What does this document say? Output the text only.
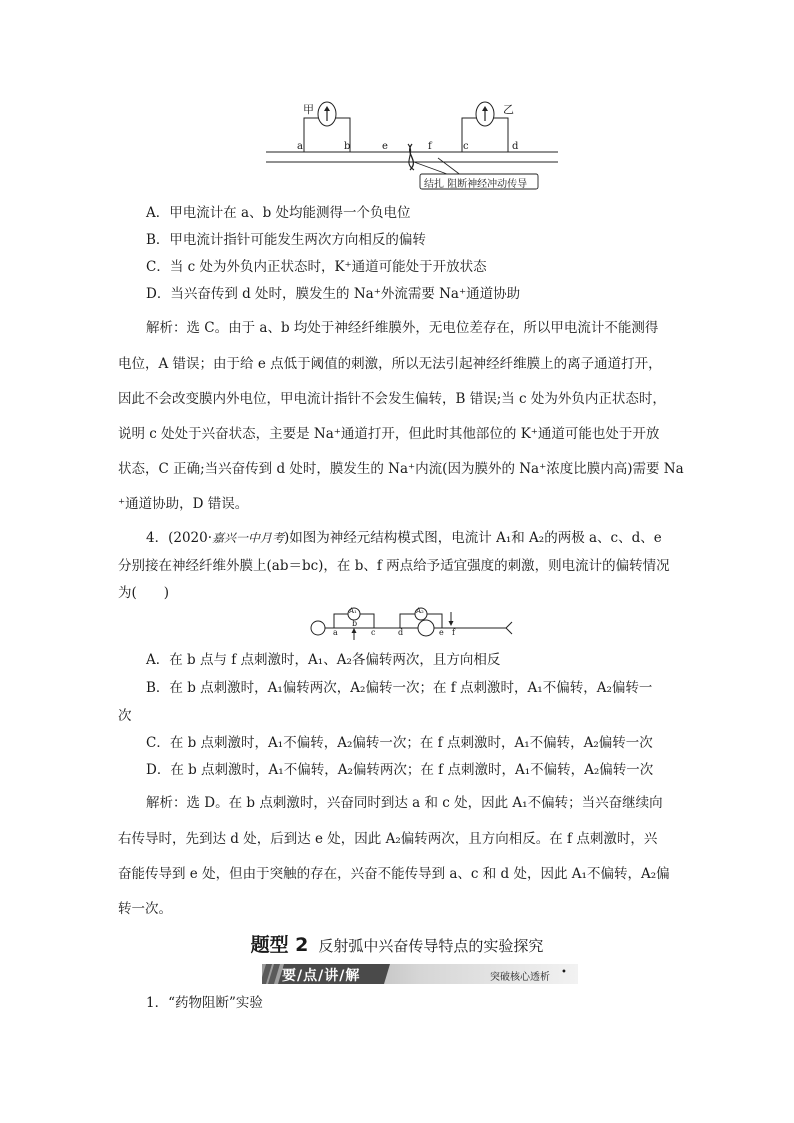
甲	乙
a	b	e	f	c	d
结扎 阻断神经冲动传导
A．甲电流计在 a、b 处均能测得一个负电位
B．甲电流计指针可能发生两次方向相反的偏转
C．当 c 处为外负内正状态时，K⁺通道可能处于开放状态
D．当兴奋传到 d 处时，膜发生的 Na⁺外流需要 Na⁺通道协助
解析：选 C。由于 a、b 均处于神经纤维膜外，无电位差存在，所以甲电流计不能测得
电位，A 错误；由于给 e 点低于阈值的刺激，所以无法引起神经纤维膜上的离子通道打开，
因此不会改变膜内外电位，甲电流计指针不会发生偏转，B 错误;当 c 处为外负内正状态时，
说明 c 处处于兴奋状态，主要是 Na⁺通道打开，但此时其他部位的 K⁺通道可能也处于开放
状态，C 正确;当兴奋传到 d 处时，膜发生的 Na⁺内流(因为膜外的 Na⁺浓度比膜内高)需要 Na
⁺通道协助，D 错误。
4．(2020·嘉兴一中月考)如图为神经元结构模式图，电流计 A₁和 A₂的两极 a、c、d、e
分别接在神经纤维外膜上(ab＝bc)，在 b、f 两点给予适宜强度的刺激，则电流计的偏转情况
为(　　)
A₁	A₂
a
b
c	d	e f
A．在 b 点与 f 点刺激时，A₁、A₂各偏转两次，且方向相反
B．在 b 点刺激时，A₁偏转两次，A₂偏转一次；在 f 点刺激时，A₁不偏转，A₂偏转一
次
C．在 b 点刺激时，A₁不偏转，A₂偏转一次；在 f 点刺激时，A₁不偏转，A₂偏转一次
D．在 b 点刺激时，A₁不偏转，A₂偏转两次；在 f 点刺激时，A₁不偏转，A₂偏转一次
解析：选 D。在 b 点刺激时，兴奋同时到达 a 和 c 处，因此 A₁不偏转；当兴奋继续向
右传导时，先到达 d 处，后到达 e 处，因此 A₂偏转两次，且方向相反。在 f 点刺激时，兴
奋能传导到 e 处，但由于突触的存在，兴奋不能传导到 a、c 和 d 处，因此 A₁不偏转，A₂偏
转一次。
题型 2 反射弧中兴奋传导特点的实验探究
要/点/讲/解	突破核心透析 •
1．“药物阻断”实验
